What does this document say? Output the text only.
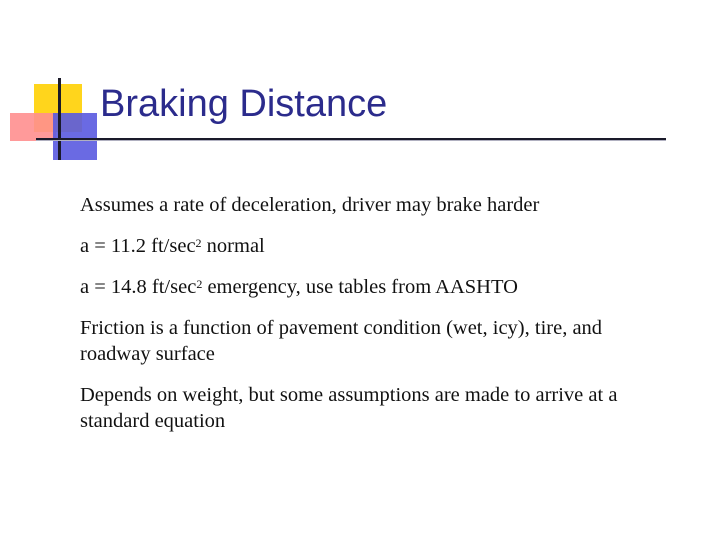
Braking Distance
Assumes a rate of deceleration, driver may brake harder
a = 11.2 $ft/\sec^2$ normal
a = 14.8 $ft/\sec^2$ emergency, use tables from AASHTO
Friction is a function of pavement condition (wet, icy), tire, and roadway surface
Depends on weight, but some assumptions are made to arrive at a standard equation
